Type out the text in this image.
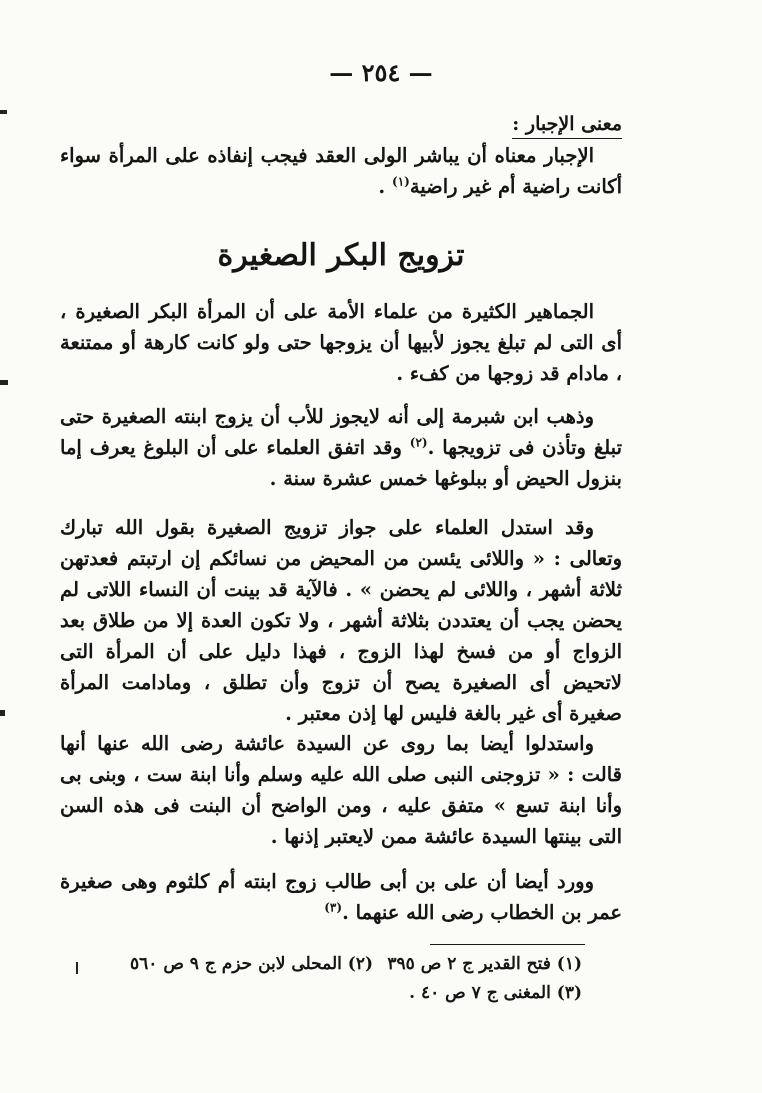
— ٢٥٤ —
معنى الإجبار :

الإجبار معناه أن يباشر الولى العقد فيجب إنفاذه على المرأة سواء أكانت راضية أم غير راضية$^{(١)}$ .

تزويج البكر الصغيرة

الجماهير الكثيرة من علماء الأمة على أن المرأة البكر الصغيرة ، أى التى لم تبلغ يجوز لأبيها أن يزوجها حتى ولو كانت كارهة أو ممتنعة ، مادام قد زوجها من كفء .

وذهب ابن شبرمة إلى أنه لايجوز للأب أن يزوج ابنته الصغيرة حتى تبلغ وتأذن فى تزويجها .$^{(٢)}$ وقد اتفق العلماء على أن البلوغ يعرف إما بنزول الحيض أو ببلوغها خمس عشرة سنة .

وقد استدل العلماء على جواز تزويج الصغيرة بقول الله تبارك وتعالى : « واللائى يئسن من المحيض من نسائكم إن ارتبتم فعدتهن ثلاثة أشهر ، واللائى لم يحضن » . فالآية قد بينت أن النساء اللاتى لم يحضن يجب أن يعتددن بثلاثة أشهر ، ولا تكون العدة إلا من طلاق بعد الزواج أو من فسخ لهذا الزوج ، فهذا دليل على أن المرأة التى لاتحيض أى الصغيرة يصح أن تزوج وأن تطلق ، ومادامت المرأة صغيرة أى غير بالغة فليس لها إذن معتبر .

واستدلوا أيضا بما روى عن السيدة عائشة رضى الله عنها أنها قالت : « تزوجنى النبى صلى الله عليه وسلم وأنا ابنة ست ، وبنى بى وأنا ابنة تسع » متفق عليه ، ومن الواضح أن البنت فى هذه السن التى بينتها السيدة عائشة ممن لايعتبر إذنها .

وورد أيضا أن على بن أبى طالب زوج ابنته أم كلثوم وهى صغيرة عمر بن الخطاب رضى الله عنهما .$^{(٣)}$

(١) فتح القدير ج ٢ ص ٣٩٥
(٢) المحلى لابن حزم ج ٩ ص ٥٦٠
(٣) المغنى ج ٧ ص ٤٠ .
